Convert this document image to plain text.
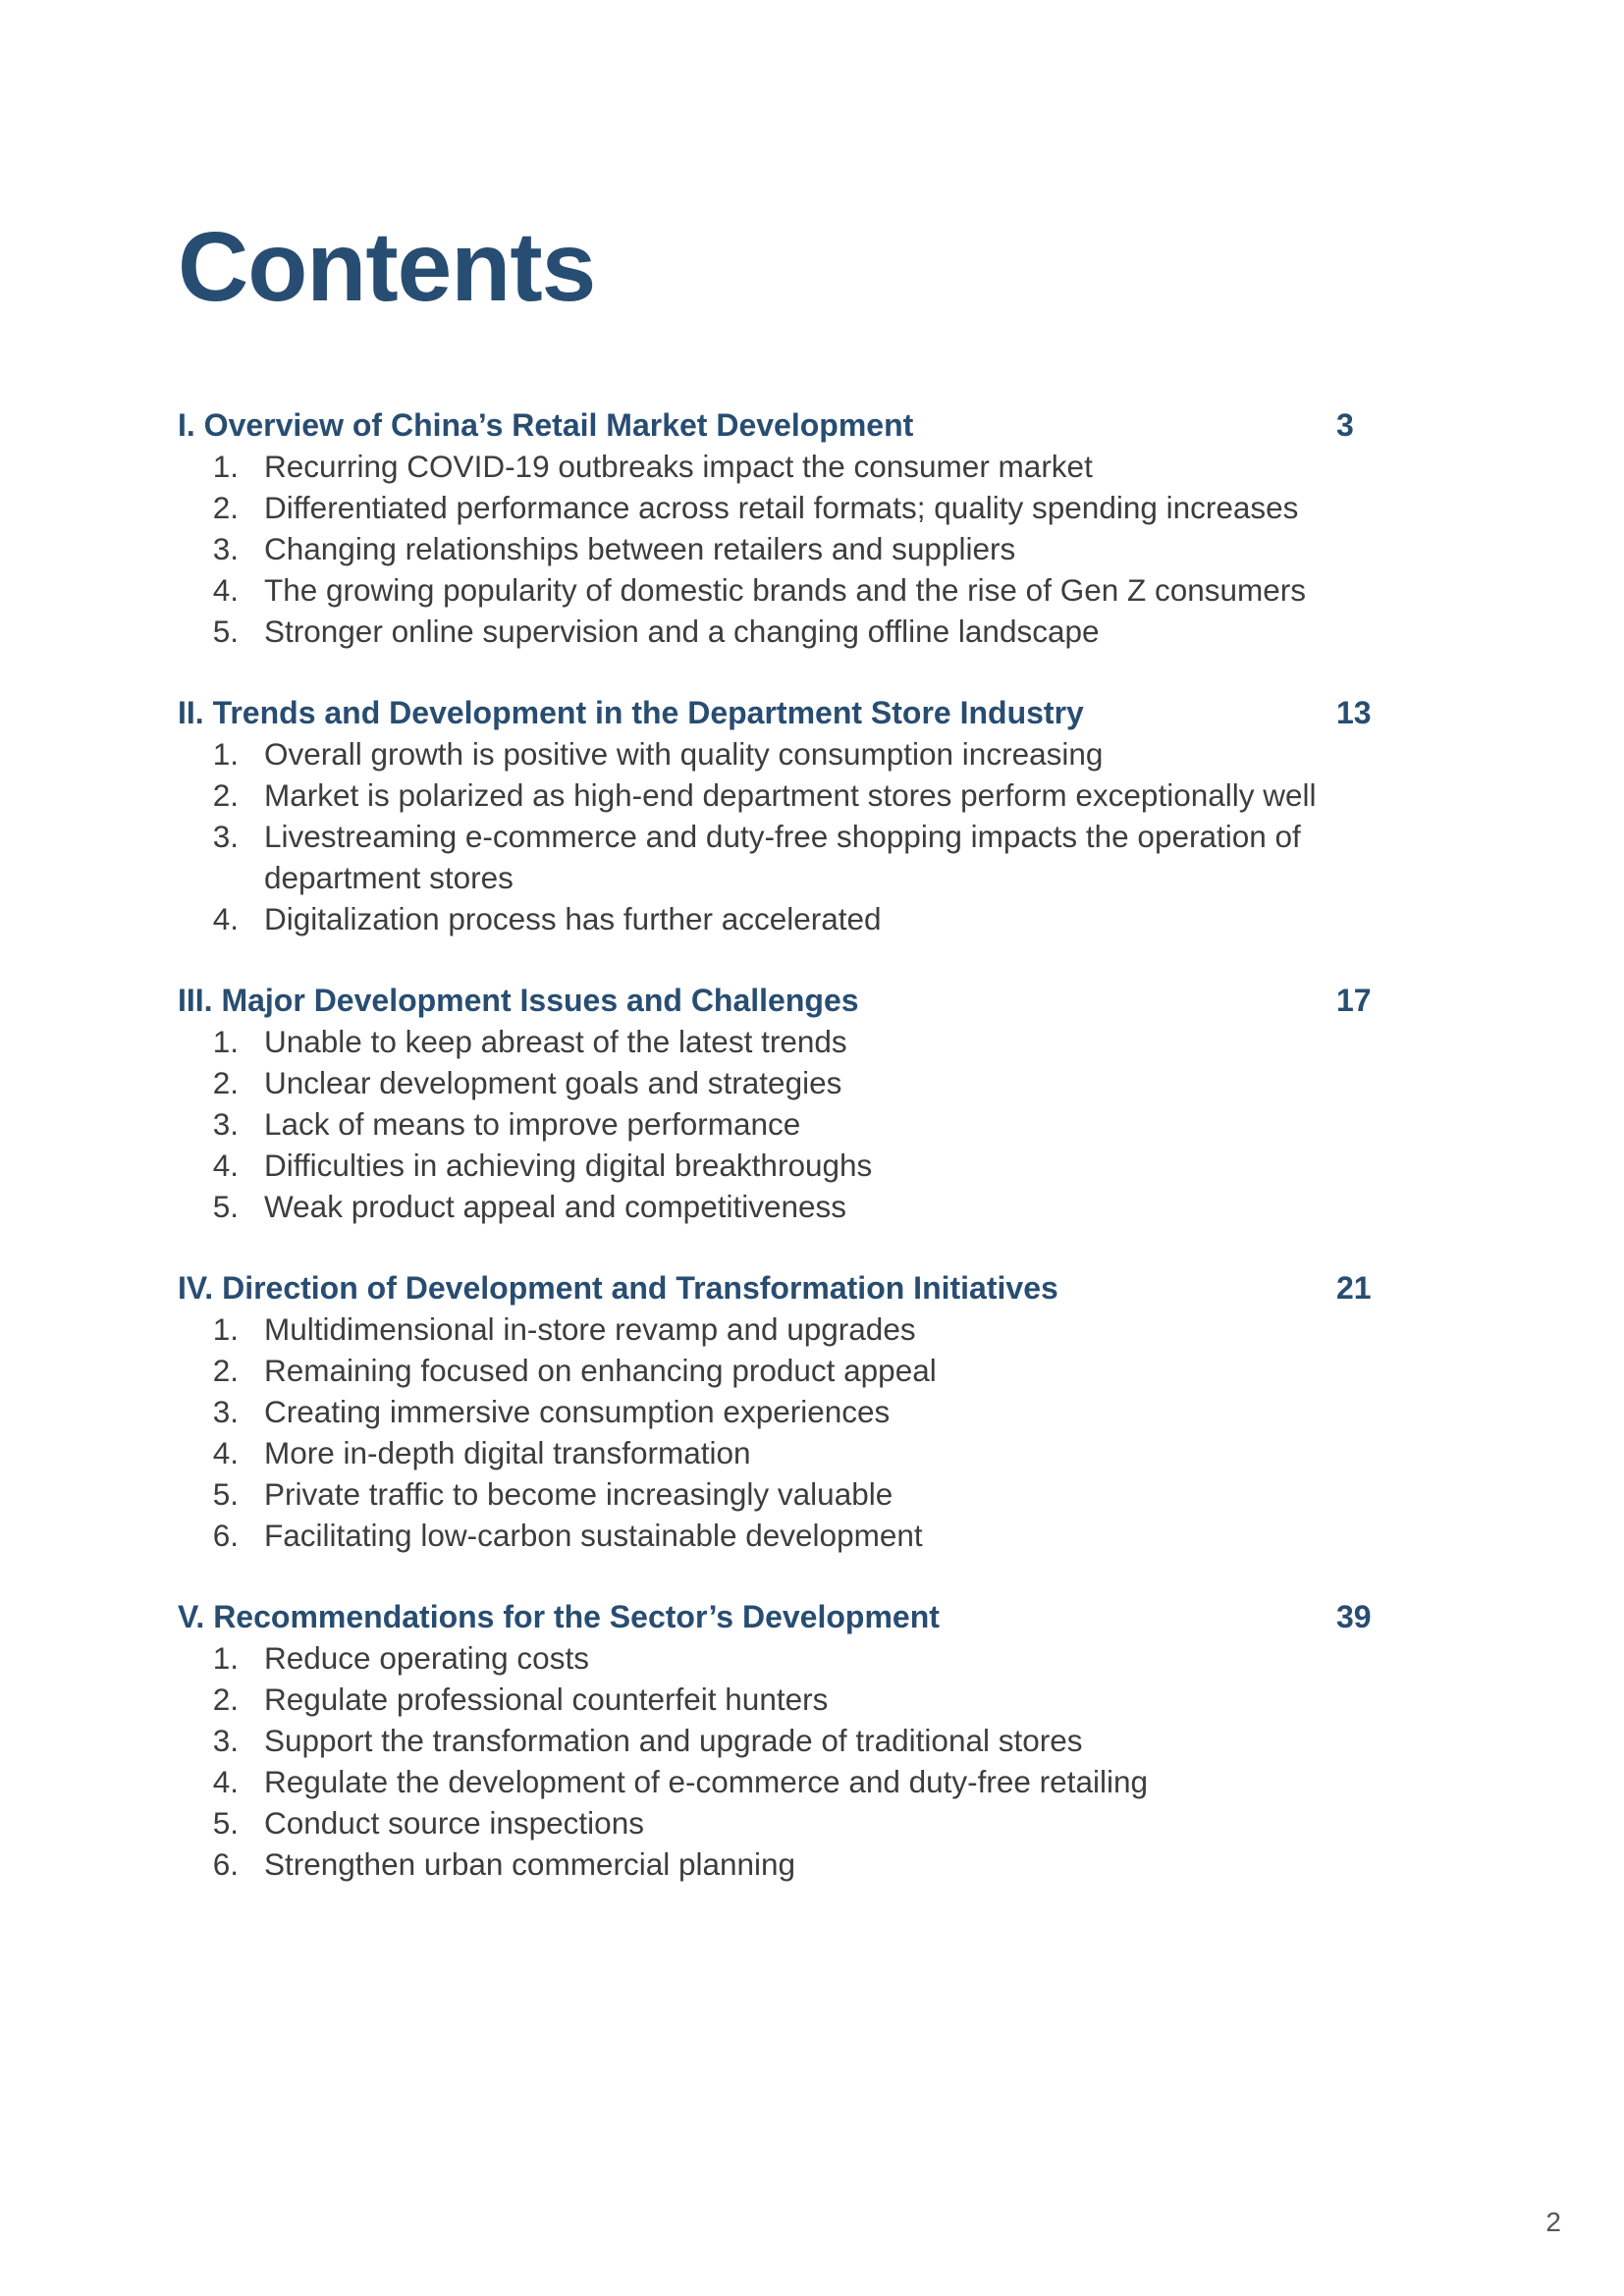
Contents
I. Overview of China’s Retail Market Development	3
1. Recurring COVID-19 outbreaks impact the consumer market
2. Differentiated performance across retail formats; quality spending increases
3. Changing relationships between retailers and suppliers
4. The growing popularity of domestic brands and the rise of Gen Z consumers
5. Stronger online supervision and a changing offline landscape
II. Trends and Development in the Department Store Industry	13
1. Overall growth is positive with quality consumption increasing
2. Market is polarized as high-end department stores perform exceptionally well
3. Livestreaming e-commerce and duty-free shopping impacts the operation of department stores
4. Digitalization process has further accelerated
III. Major Development Issues and Challenges	17
1. Unable to keep abreast of the latest trends
2. Unclear development goals and strategies
3. Lack of means to improve performance
4. Difficulties in achieving digital breakthroughs
5. Weak product appeal and competitiveness
IV. Direction of Development and Transformation Initiatives	21
1. Multidimensional in-store revamp and upgrades
2. Remaining focused on enhancing product appeal
3. Creating immersive consumption experiences
4. More in-depth digital transformation
5. Private traffic to become increasingly valuable
6. Facilitating low-carbon sustainable development
V. Recommendations for the Sector’s Development	39
1. Reduce operating costs
2. Regulate professional counterfeit hunters
3. Support the transformation and upgrade of traditional stores
4. Regulate the development of e-commerce and duty-free retailing
5. Conduct source inspections
6. Strengthen urban commercial planning
2
